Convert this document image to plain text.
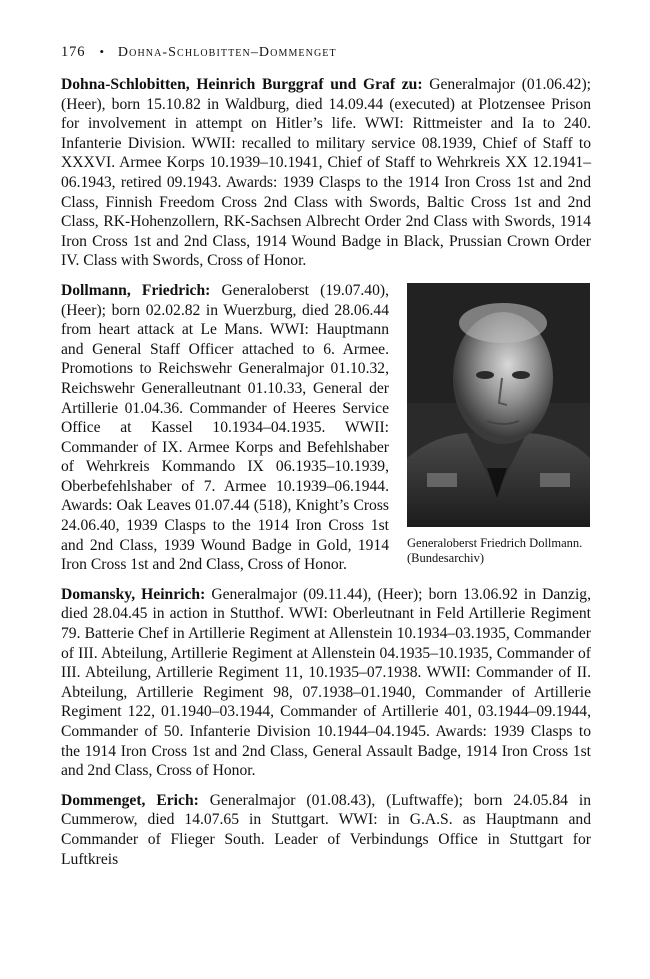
176 • Dohna-Schlobitten–Dommenget

Dohna-Schlobitten, Heinrich Burggraf und Graf zu: Generalmajor (01.06.42); (Heer), born 15.10.82 in Waldburg, died 14.09.44 (executed) at Plotzensee Prison for involvement in attempt on Hitler’s life. WWI: Rittmeister and Ia to 240. Infanterie Division. WWII: recalled to military service 08.1939, Chief of Staff to XXXVI. Armee Korps 10.1939–10.1941, Chief of Staff to Wehrkreis XX 12.1941–06.1943, retired 09.1943. Awards: 1939 Clasps to the 1914 Iron Cross 1st and 2nd Class, Finnish Freedom Cross 2nd Class with Swords, Baltic Cross 1st and 2nd Class, RK-Hohenzollern, RK-Sachsen Albrecht Order 2nd Class with Swords, 1914 Iron Cross 1st and 2nd Class, 1914 Wound Badge in Black, Prussian Crown Order IV. Class with Swords, Cross of Honor.

Generaloberst Friedrich Dollmann.
(Bundesarchiv)

Dollmann, Friedrich: Generaloberst (19.07.40), (Heer); born 02.02.82 in Wuerzburg, died 28.06.44 from heart attack at Le Mans. WWI: Hauptmann and General Staff Officer attached to 6. Armee. Promotions to Reichswehr Generalmajor 01.10.32, Reichswehr Generalleutnant 01.10.33, General der Artillerie 01.04.36. Commander of Heeres Service Office at Kassel 10.1934–04.1935. WWII: Commander of IX. Armee Korps and Befehlshaber of Wehrkreis Kommando IX 06.1935–10.1939, Oberbefehlshaber of 7. Armee 10.1939–06.1944. Awards: Oak Leaves 01.07.44 (518), Knight’s Cross 24.06.40, 1939 Clasps to the 1914 Iron Cross 1st and 2nd Class, 1939 Wound Badge in Gold, 1914 Iron Cross 1st and 2nd Class, Cross of Honor.

Domansky, Heinrich: Generalmajor (09.11.44), (Heer); born 13.06.92 in Danzig, died 28.04.45 in action in Stutthof. WWI: Oberleutnant in Feld Artillerie Regiment 79. Batterie Chef in Artillerie Regiment at Allenstein 10.1934–03.1935, Commander of III. Abteilung, Artillerie Regiment at Allenstein 04.1935–10.1935, Commander of III. Abteilung, Artillerie Regiment 11, 10.1935–07.1938. WWII: Commander of II. Abteilung, Artillerie Regiment 98, 07.1938–01.1940, Commander of Artillerie Regiment 122, 01.1940–03.1944, Commander of Artillerie 401, 03.1944–09.1944, Commander of 50. Infanterie Division 10.1944–04.1945. Awards: 1939 Clasps to the 1914 Iron Cross 1st and 2nd Class, General Assault Badge, 1914 Iron Cross 1st and 2nd Class, Cross of Honor.

Dommenget, Erich: Generalmajor (01.08.43), (Luftwaffe); born 24.05.84 in Cummerow, died 14.07.65 in Stuttgart. WWI: in G.A.S. as Hauptmann and Commander of Flieger South. Leader of Verbindungs Office in Stuttgart for Luftkreis
